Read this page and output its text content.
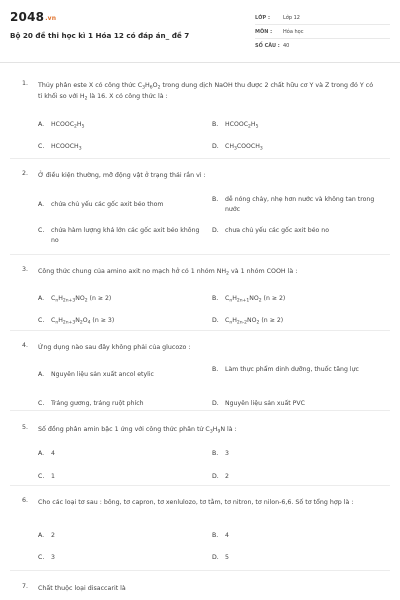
2048.vn
Bộ 20 đề thi học kì 1 Hóa 12 có đáp án_ đề 7
LỚP :	Lớp 12
MÔN :	Hóa học
SỐ CÂU : 40
1. Thủy phân este X có công thức $C_3H_6O_2$ trong dung dịch NaOH thu được 2 chất hữu cơ Y và Z trong đó Y có tỉ khối so với $H_2$ là 16. X có công thức là :
A.	$HCOOC_2H_5$	B.	$HCOOC_2H_5$
C.	$HCOOCH_3$	D.	$CH_3COOCH_3$
2. Ở điều kiện thường, mỡ động vật ở trạng thái rắn vì :
A.	chứa chủ yếu các gốc axit béo thom
B.	dễ nóng chảy, nhẹ hơn nước và không tan trong nước
C.	chứa hàm lượng khá lớn các gốc axit béo không no
D.	chưa chủ yếu các gốc axit béo no
3. Công thức chung của amino axit no mạch hở có 1 nhóm $NH_2$ và 1 nhóm COOH là :
A.	$C_nH_{2n+3}NO_2$ (n ≥ 2)	B.	$C_nH_{2n+1}NO_2$ (n ≥ 2)
C.	$C_nH_{2n+3}N_2O_4$ (n ≥ 3)	D.	$C_nH_{2n-2}NO_2$ (n ≥ 2)
4. Ứng dụng nào sau đây không phải của glucozo :
A.	Nguyên liệu sản xuất ancol etylic
B.	Làm thực phẩm dinh dưỡng, thuốc tăng lực
C.	Tráng gương, tráng ruột phích	D.	Nguyên liệu sản xuất PVC
5. Số đồng phân amin bậc 1 ứng với công thức phân tử $C_3H_9N$ là :
A.	4	B.	3
C.	1	D.	2
6. Cho các loại tơ sau : bông, tơ capron, tơ xenlulozo, tơ tằm, tơ nitron, tơ nilon-6,6. Số tơ tổng hợp là :
A.	2	B.	4
C.	3	D.	5
7. Chất thuộc loại disaccarit là
